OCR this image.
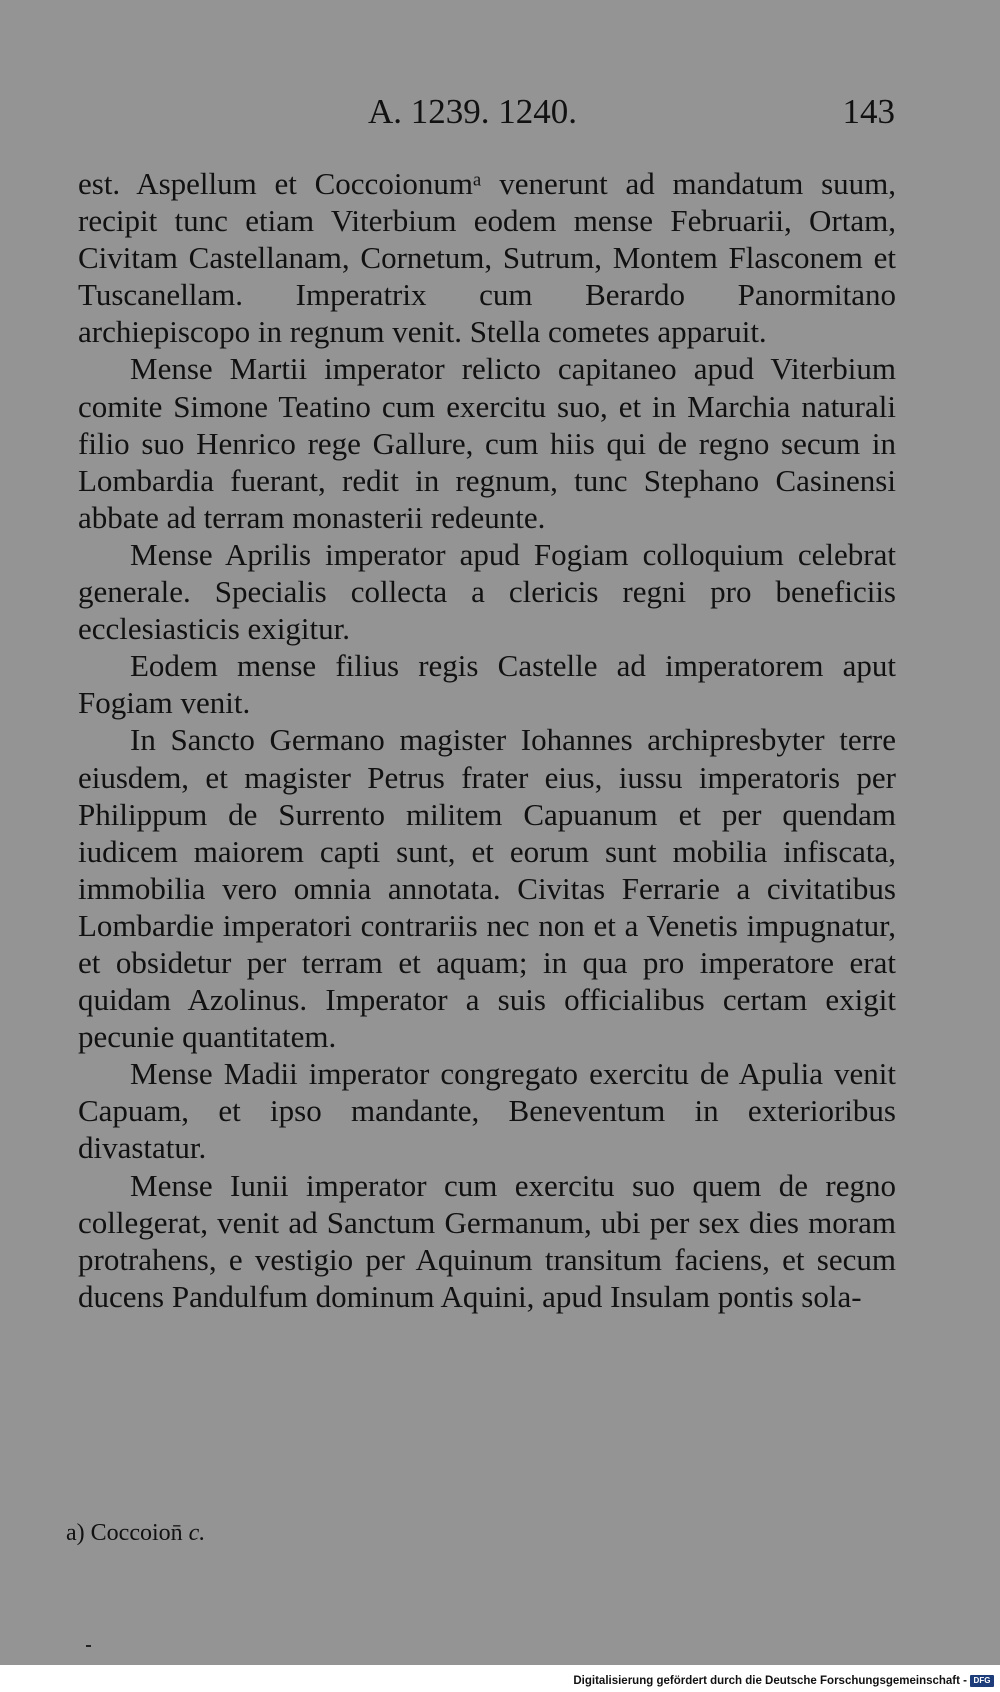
A. 1239. 1240.	143

est. Aspellum et Coccoionumᵃ venerunt ad mandatum suum, recipit tunc etiam Viterbium eodem mense Februarii, Ortam, Civitam Castellanam, Cornetum, Sutrum, Montem Flasconem et Tuscanellam. Imperatrix cum Berardo Panormitano archiepiscopo in regnum venit. Stella cometes apparuit.

Mense Martii imperator relicto capitaneo apud Viterbium comite Simone Teatino cum exercitu suo, et in Marchia naturali filio suo Henrico rege Gallure, cum hiis qui de regno secum in Lombardia fuerant, redit in regnum, tunc Stephano Casinensi abbate ad terram monasterii redeunte.

Mense Aprilis imperator apud Fogiam colloquium celebrat generale. Specialis collecta a clericis regni pro beneficiis ecclesiasticis exigitur.

Eodem mense filius regis Castelle ad imperatorem aput Fogiam venit.

In Sancto Germano magister Iohannes archipresbyter terre eiusdem, et magister Petrus frater eius, iussu imperatoris per Philippum de Surrento militem Capuanum et per quendam iudicem maiorem capti sunt, et eorum sunt mobilia infiscata, immobilia vero omnia annotata. Civitas Ferrarie a civitatibus Lombardie imperatori contrariis nec non et a Venetis impugnatur, et obsidetur per terram et aquam; in qua pro imperatore erat quidam Azolinus. Imperator a suis officialibus certam exigit pecunie quantitatem.

Mense Madii imperator congregato exercitu de Apulia venit Capuam, et ipso mandante, Beneventum in exterioribus divastatur.

Mense Iunii imperator cum exercitu suo quem de regno collegerat, venit ad Sanctum Germanum, ubi per sex dies moram protrahens, e vestigio per Aquinum transitum faciens, et secum ducens Pandulfum dominum Aquini, apud Insulam pontis sola-

a) Coccoion̄ c.
Digitalisierung gefördert durch die Deutsche Forschungsgemeinschaft - DFG
